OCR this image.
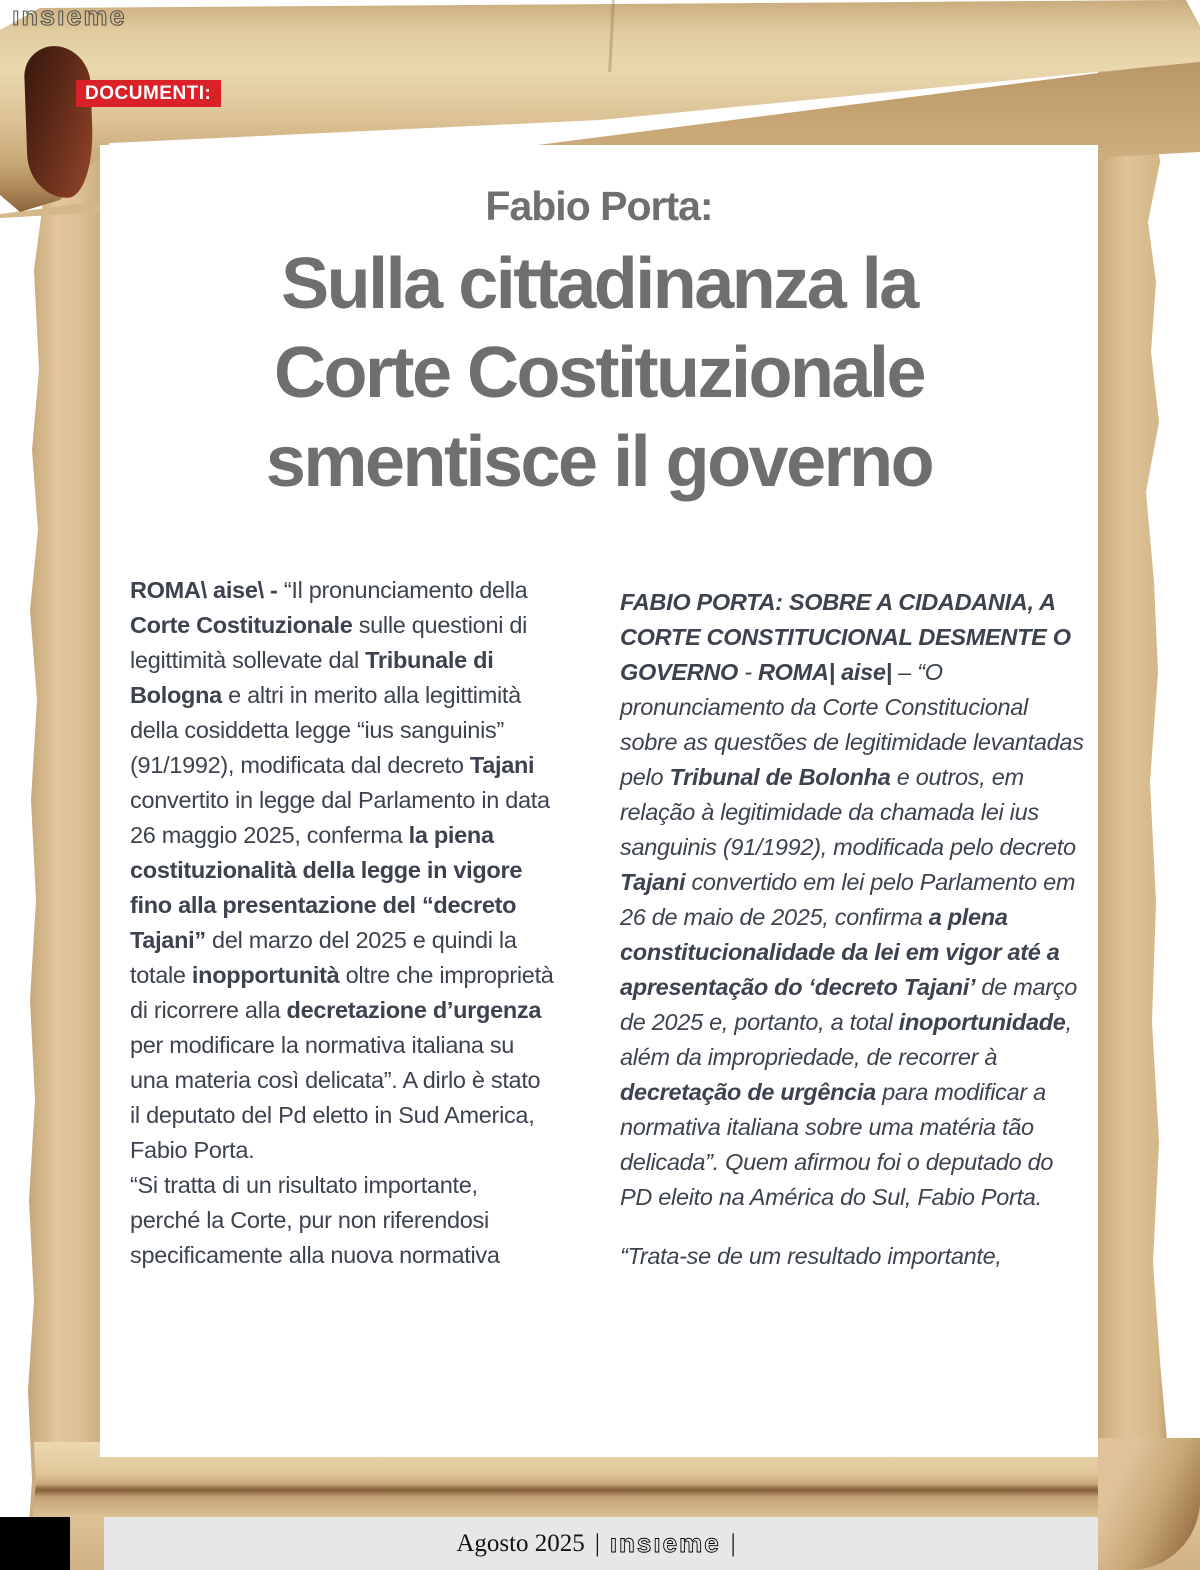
ınsıeme
DOCUMENTI:
Fabio Porta:
Sulla cittadinanza la
Corte Costituzionale
smentisce il governo

ROMA\ aise\ - “Il pronunciamento della Corte Costituzionale sulle questioni di legittimità sollevate dal Tribunale di Bologna e altri in merito alla legittimità della cosiddetta legge “ius sanguinis” (91/1992), modificata dal decreto Tajani convertito in legge dal Parlamento in data 26 maggio 2025, conferma la piena costituzionalità della legge in vigore fino alla presentazione del “decreto Tajani” del marzo del 2025 e quindi la totale inopportunità oltre che improprietà di ricorrere alla decretazione d’urgenza per modificare la normativa italiana su una materia così delicata”. A dirlo è stato il deputato del Pd eletto in Sud America, Fabio Porta.

“Si tratta di un risultato importante, perché la Corte, pur non riferendosi specificamente alla nuova normativa

FABIO PORTA: SOBRE A CIDADANIA, A CORTE CONSTITUCIONAL DESMENTE O GOVERNO - ROMA| aise| – “O pronunciamento da Corte Constitucional sobre as questões de legitimidade levantadas pelo Tribunal de Bolonha e outros, em relação à legitimidade da chamada lei ius sanguinis (91/1992), modificada pelo decreto Tajani convertido em lei pelo Parlamento em 26 de maio de 2025, confirma a plena constitucionalidade da lei em vigor até a apresentação do ‘decreto Tajani’ de março de 2025 e, portanto, a total inoportunidade, além da impropriedade, de recorrer à decretação de urgência para modificar a normativa italiana sobre uma matéria tão delicada”. Quem afirmou foi o deputado do PD eleito na América do Sul, Fabio Porta.

“Trata-se de um resultado importante,

Agosto 2025 | ınsıeme |
